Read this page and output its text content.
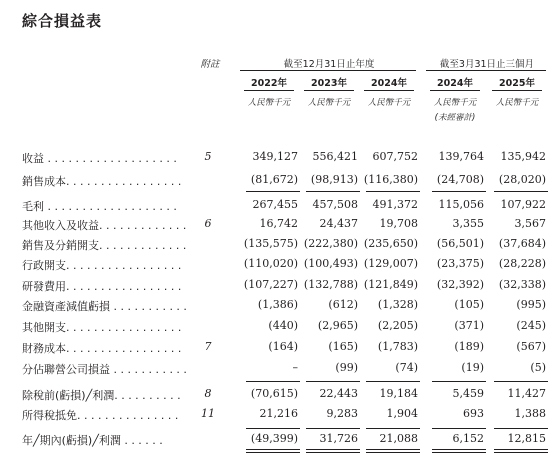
綜合損益表
附註	截至12月31日止年度	截至3月31日止三個月
2022年	2023年	2024年	2024年	2025年
人民幣千元	人民幣千元	人民幣千元	人民幣千元	人民幣千元
(未經審計)
收益 . . . . . . . . . . . . . . . . . . .	5	349,127	556,421	607,752	139,764	135,942
銷售成本. . . . . . . . . . . . . . . . .	(81,672)	(98,913) (116,380)	(24,708)	(28,020)
毛利 . . . . . . . . . . . . . . . . . . .	267,455	457,508	491,372	115,056	107,922
其他收入及收益. . . . . . . . . . . . .	6	16,742	24,437	19,708	3,355	3,567
銷售及分銷開支. . . . . . . . . . . . .	(135,575) (222,380) (235,650)	(56,501)	(37,684)
行政開支. . . . . . . . . . . . . . . . .	(110,020) (100,493) (129,007)	(23,375)	(28,228)
研發費用. . . . . . . . . . . . . . . . .	(107,227) (132,788) (121,849)	(32,392)	(32,338)
金融資產減值虧損 . . . . . . . . . . .	(1,386)	(612)	(1,328)	(105)	(995)
其他開支. . . . . . . . . . . . . . . . .	(440)	(2,965)	(2,205)	(371)	(245)
財務成本. . . . . . . . . . . . . . . . .	7	(164)	(165)	(1,783)	(189)	(567)
分佔聯營公司損益 . . . . . . . . . . .	–	(99)	(74)	(19)	(5)
除稅前(虧損)╱利潤. . . . . . . . . .	8	(70,615)	22,443	19,184	5,459	11,427
所得稅抵免. . . . . . . . . . . . . . .	11	21,216	9,283	1,904	693	1,388
年╱期內(虧損)╱利潤 . . . . . .	(49,399)	31,726	21,088	6,152	12,815
